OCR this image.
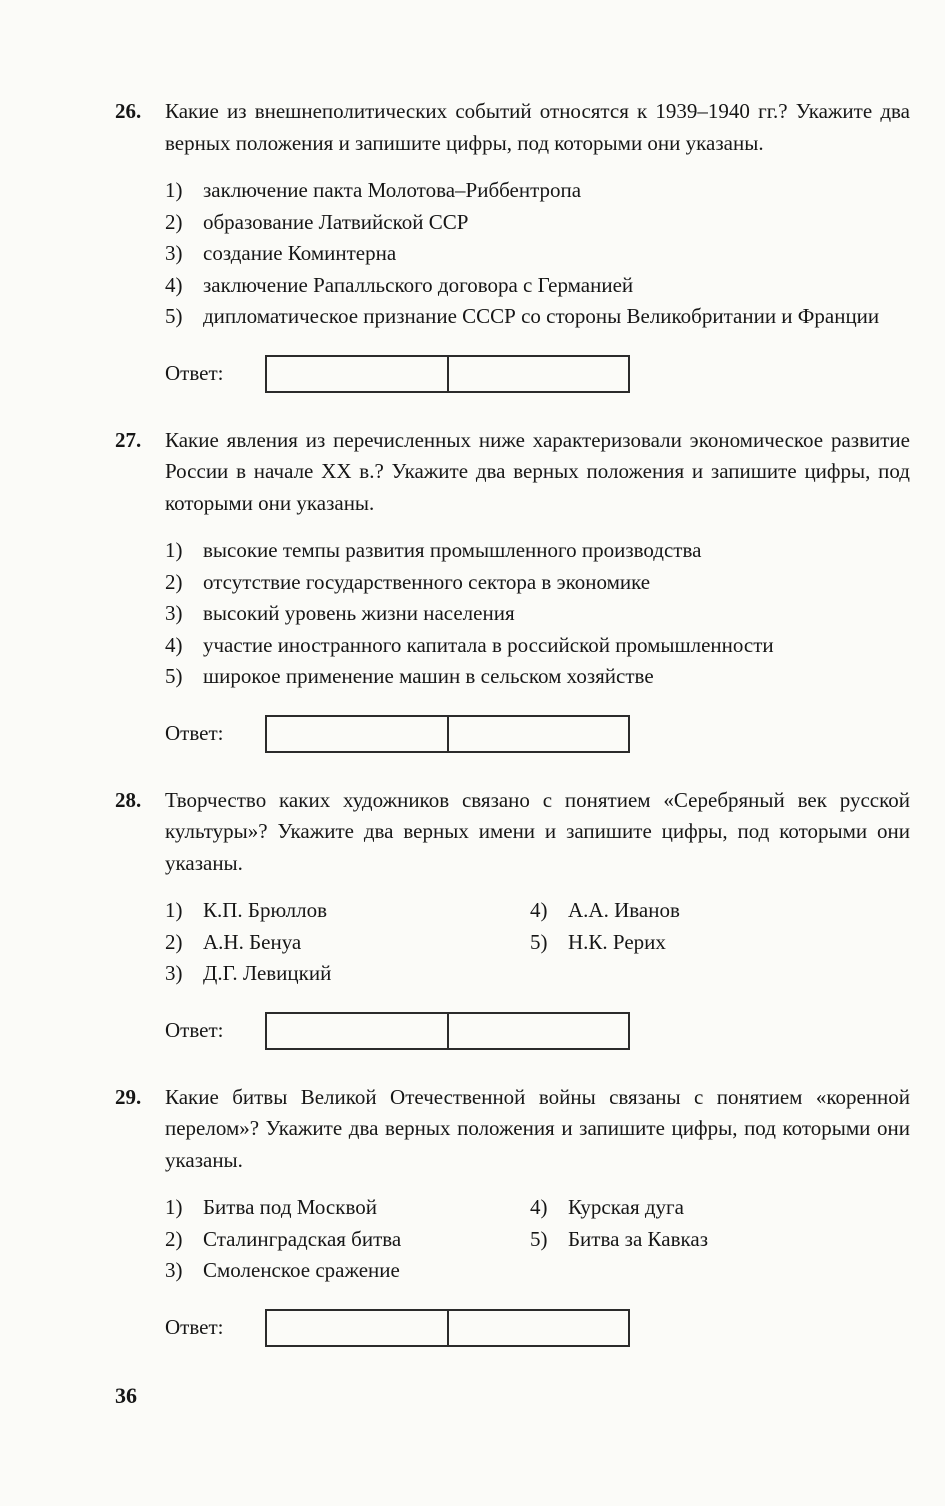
26.	Какие из внешнеполитических событий относятся к 1939–1940 гг.? Укажите два верных положения и запишите цифры, под которыми они указаны.

1) заключение пакта Молотова–Риббентропа
2) образование Латвийской ССР
3) создание Коминтерна
4) заключение Рапалльского договора с Германией
5) дипломатическое признание СССР со стороны Великобритании и Франции
Ответ:
27.	Какие явления из перечисленных ниже характеризовали экономическое развитие России в начале XX в.? Укажите два верных положения и запишите цифры, под которыми они указаны.

1) высокие темпы развития промышленного производства
2) отсутствие государственного сектора в экономике
3) высокий уровень жизни населения
4) участие иностранного капитала в российской промышленности
5) широкое применение машин в сельском хозяйстве
Ответ:
28.	Творчество каких художников связано с понятием «Серебряный век русской культуры»? Укажите два верных имени и запишите цифры, под которыми они указаны.

1) К.П. Брюллов
2) А.Н. Бенуа
3) Д.Г. Левицкий
4) А.А. Иванов
5) Н.К. Рерих
Ответ:
29.	Какие битвы Великой Отечественной войны связаны с понятием «коренной перелом»? Укажите два верных положения и запишите цифры, под которыми они указаны.

1) Битва под Москвой
2) Сталинградская битва
3) Смоленское сражение
4) Курская дуга
5) Битва за Кавказ
Ответ:
36
